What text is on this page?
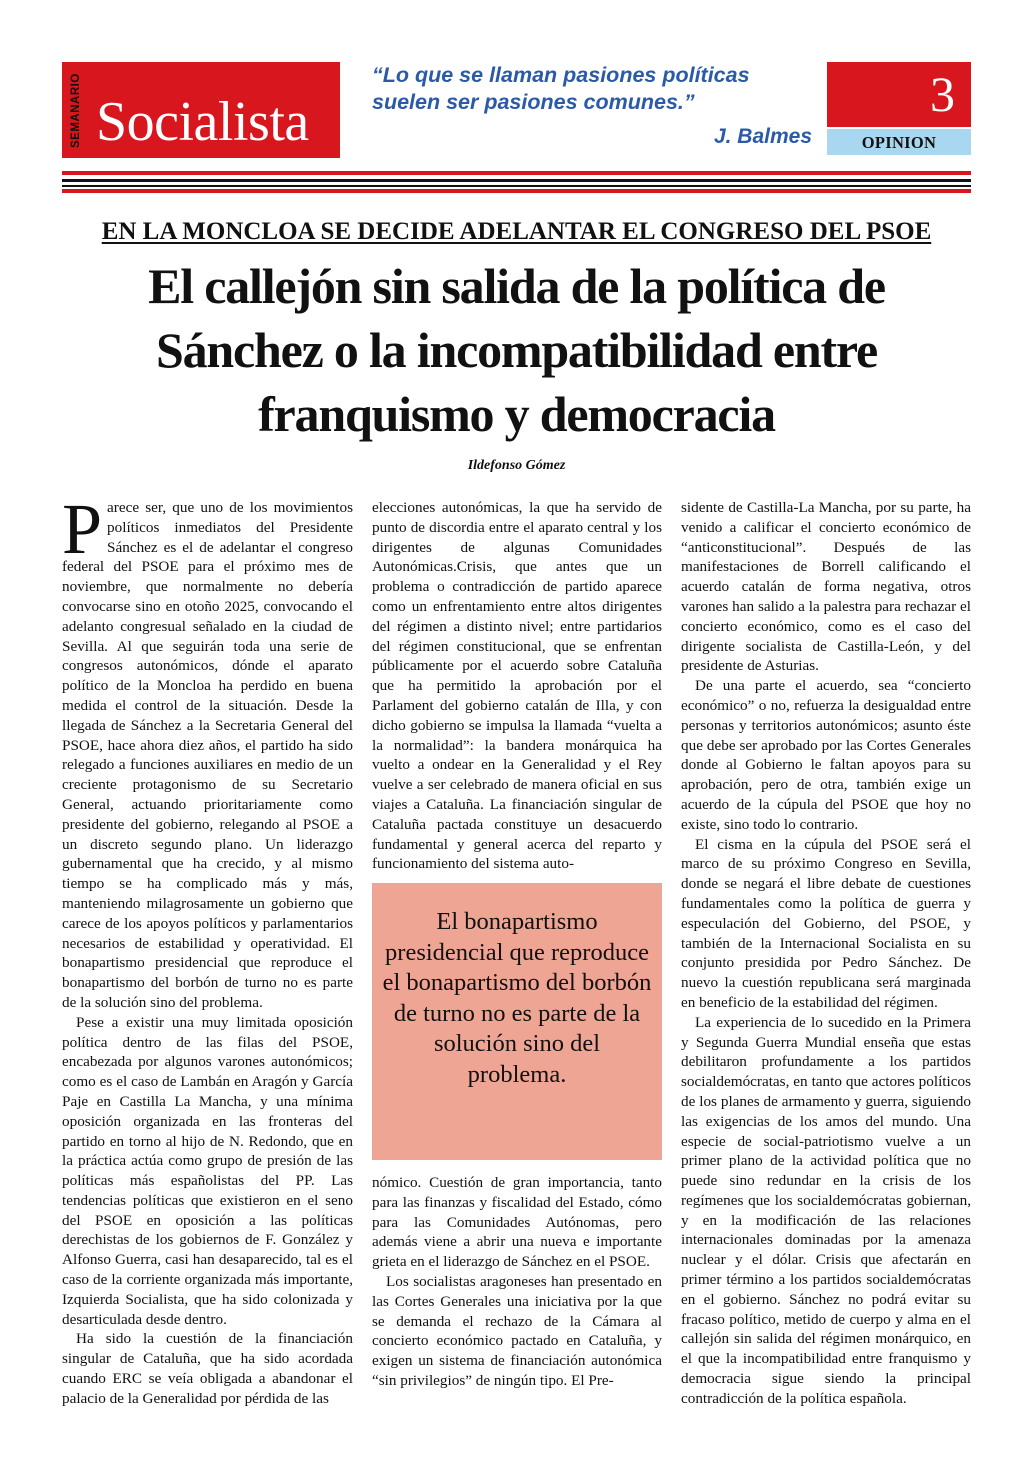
SEMANARIO Socialista
“Lo que se llaman pasiones políticas suelen ser pasiones comunes.”
J. Balmes
3
OPINION
EN LA MONCLOA SE DECIDE ADELANTAR EL CONGRESO DEL PSOE
El callejón sin salida de la política de Sánchez o la incompatibilidad entre franquismo y democracia
Ildefonso Gómez

Parece ser, que uno de los movimientos políticos inmediatos del Presidente Sánchez es el de adelantar el congreso federal del PSOE para el próximo mes de noviembre, que normalmente no debería convocarse sino en otoño 2025, convocando el adelanto congresual señalado en la ciudad de Sevilla. Al que seguirán toda una serie de congresos autonómicos, dónde el aparato político de la Moncloa ha perdido en buena medida el control de la situación. Desde la llegada de Sánchez a la Secretaria General del PSOE, hace ahora diez años, el partido ha sido relegado a funciones auxiliares en medio de un creciente protagonismo de su Secretario General, actuando prioritariamente como presidente del gobierno, relegando al PSOE a un discreto segundo plano. Un liderazgo gubernamental que ha crecido, y al mismo tiempo se ha complicado más y más, manteniendo milagrosamente un gobierno que carece de los apoyos políticos y parlamentarios necesarios de estabilidad y operatividad. El bonapartismo presidencial que reproduce el bonapartismo del borbón de turno no es parte de la solución sino del problema.

Pese a existir una muy limitada oposición política dentro de las filas del PSOE, encabezada por algunos varones autonómicos; como es el caso de Lambán en Aragón y García Paje en Castilla La Mancha, y una mínima oposición organizada en las fronteras del partido en torno al hijo de N. Redondo, que en la práctica actúa como grupo de presión de las políticas más españolistas del PP. Las tendencias políticas que existieron en el seno del PSOE en oposición a las políticas derechistas de los gobiernos de F. González y Alfonso Guerra, casi han desaparecido, tal es el caso de la corriente organizada más importante, Izquierda Socialista, que ha sido colonizada y desarticulada desde dentro.

Ha sido la cuestión de la financiación singular de Cataluña, que ha sido acordada cuando ERC se veía obligada a abandonar el palacio de la Generalidad por pérdida de las

elecciones autonómicas, la que ha servido de punto de discordia entre el aparato central y los dirigentes de algunas Comunidades Autonómicas.Crisis, que antes que un problema o contradicción de partido aparece como un enfrentamiento entre altos dirigentes del régimen a distinto nivel; entre partidarios del régimen constitucional, que se enfrentan públicamente por el acuerdo sobre Cataluña que ha permitido la aprobación por el Parlament del gobierno catalán de Illa, y con dicho gobierno se impulsa la llamada “vuelta a la normalidad”: la bandera monárquica ha vuelto a ondear en la Generalidad y el Rey vuelve a ser celebrado de manera oficial en sus viajes a Cataluña. La financiación singular de Cataluña pactada constituye un desacuerdo fundamental y general acerca del reparto y funcionamiento del sistema auto-

El bonapartismo presidencial que reproduce el bonapartismo del borbón de turno no es parte de la solución sino del problema.

nómico. Cuestión de gran importancia, tanto para las finanzas y fiscalidad del Estado, cómo para las Comunidades Autónomas, pero además viene a abrir una nueva e importante grieta en el liderazgo de Sánchez en el PSOE.

Los socialistas aragoneses han presentado en las Cortes Generales una iniciativa por la que se demanda el rechazo de la Cámara al concierto económico pactado en Cataluña, y exigen un sistema de financiación autonómica “sin privilegios” de ningún tipo. El Pre-

sidente de Castilla-La Mancha, por su parte, ha venido a calificar el concierto económico de “anticonstitucional”. Después de las manifestaciones de Borrell calificando el acuerdo catalán de forma negativa, otros varones han salido a la palestra para rechazar el concierto económico, como es el caso del dirigente socialista de Castilla-León, y del presidente de Asturias.

De una parte el acuerdo, sea “concierto económico” o no, refuerza la desigualdad entre personas y territorios autonómicos; asunto éste que debe ser aprobado por las Cortes Generales donde al Gobierno le faltan apoyos para su aprobación, pero de otra, también exige un acuerdo de la cúpula del PSOE que hoy no existe, sino todo lo contrario.

El cisma en la cúpula del PSOE será el marco de su próximo Congreso en Sevilla, donde se negará el libre debate de cuestiones fundamentales como la política de guerra y especulación del Gobierno, del PSOE, y también de la Internacional Socialista en su conjunto presidida por Pedro Sánchez. De nuevo la cuestión republicana será marginada en beneficio de la estabilidad del régimen.

La experiencia de lo sucedido en la Primera y Segunda Guerra Mundial enseña que estas debilitaron profundamente a los partidos socialdemócratas, en tanto que actores políticos de los planes de armamento y guerra, siguiendo las exigencias de los amos del mundo. Una especie de social-patriotismo vuelve a un primer plano de la actividad política que no puede sino redundar en la crisis de los regímenes que los socialdemócratas gobiernan, y en la modificación de las relaciones internacionales dominadas por la amenaza nuclear y el dólar. Crisis que afectarán en primer término a los partidos socialdemócratas en el gobierno. Sánchez no podrá evitar su fracaso político, metido de cuerpo y alma en el callejón sin salida del régimen monárquico, en el que la incompatibilidad entre franquismo y democracia sigue siendo la principal contradicción de la política española.
